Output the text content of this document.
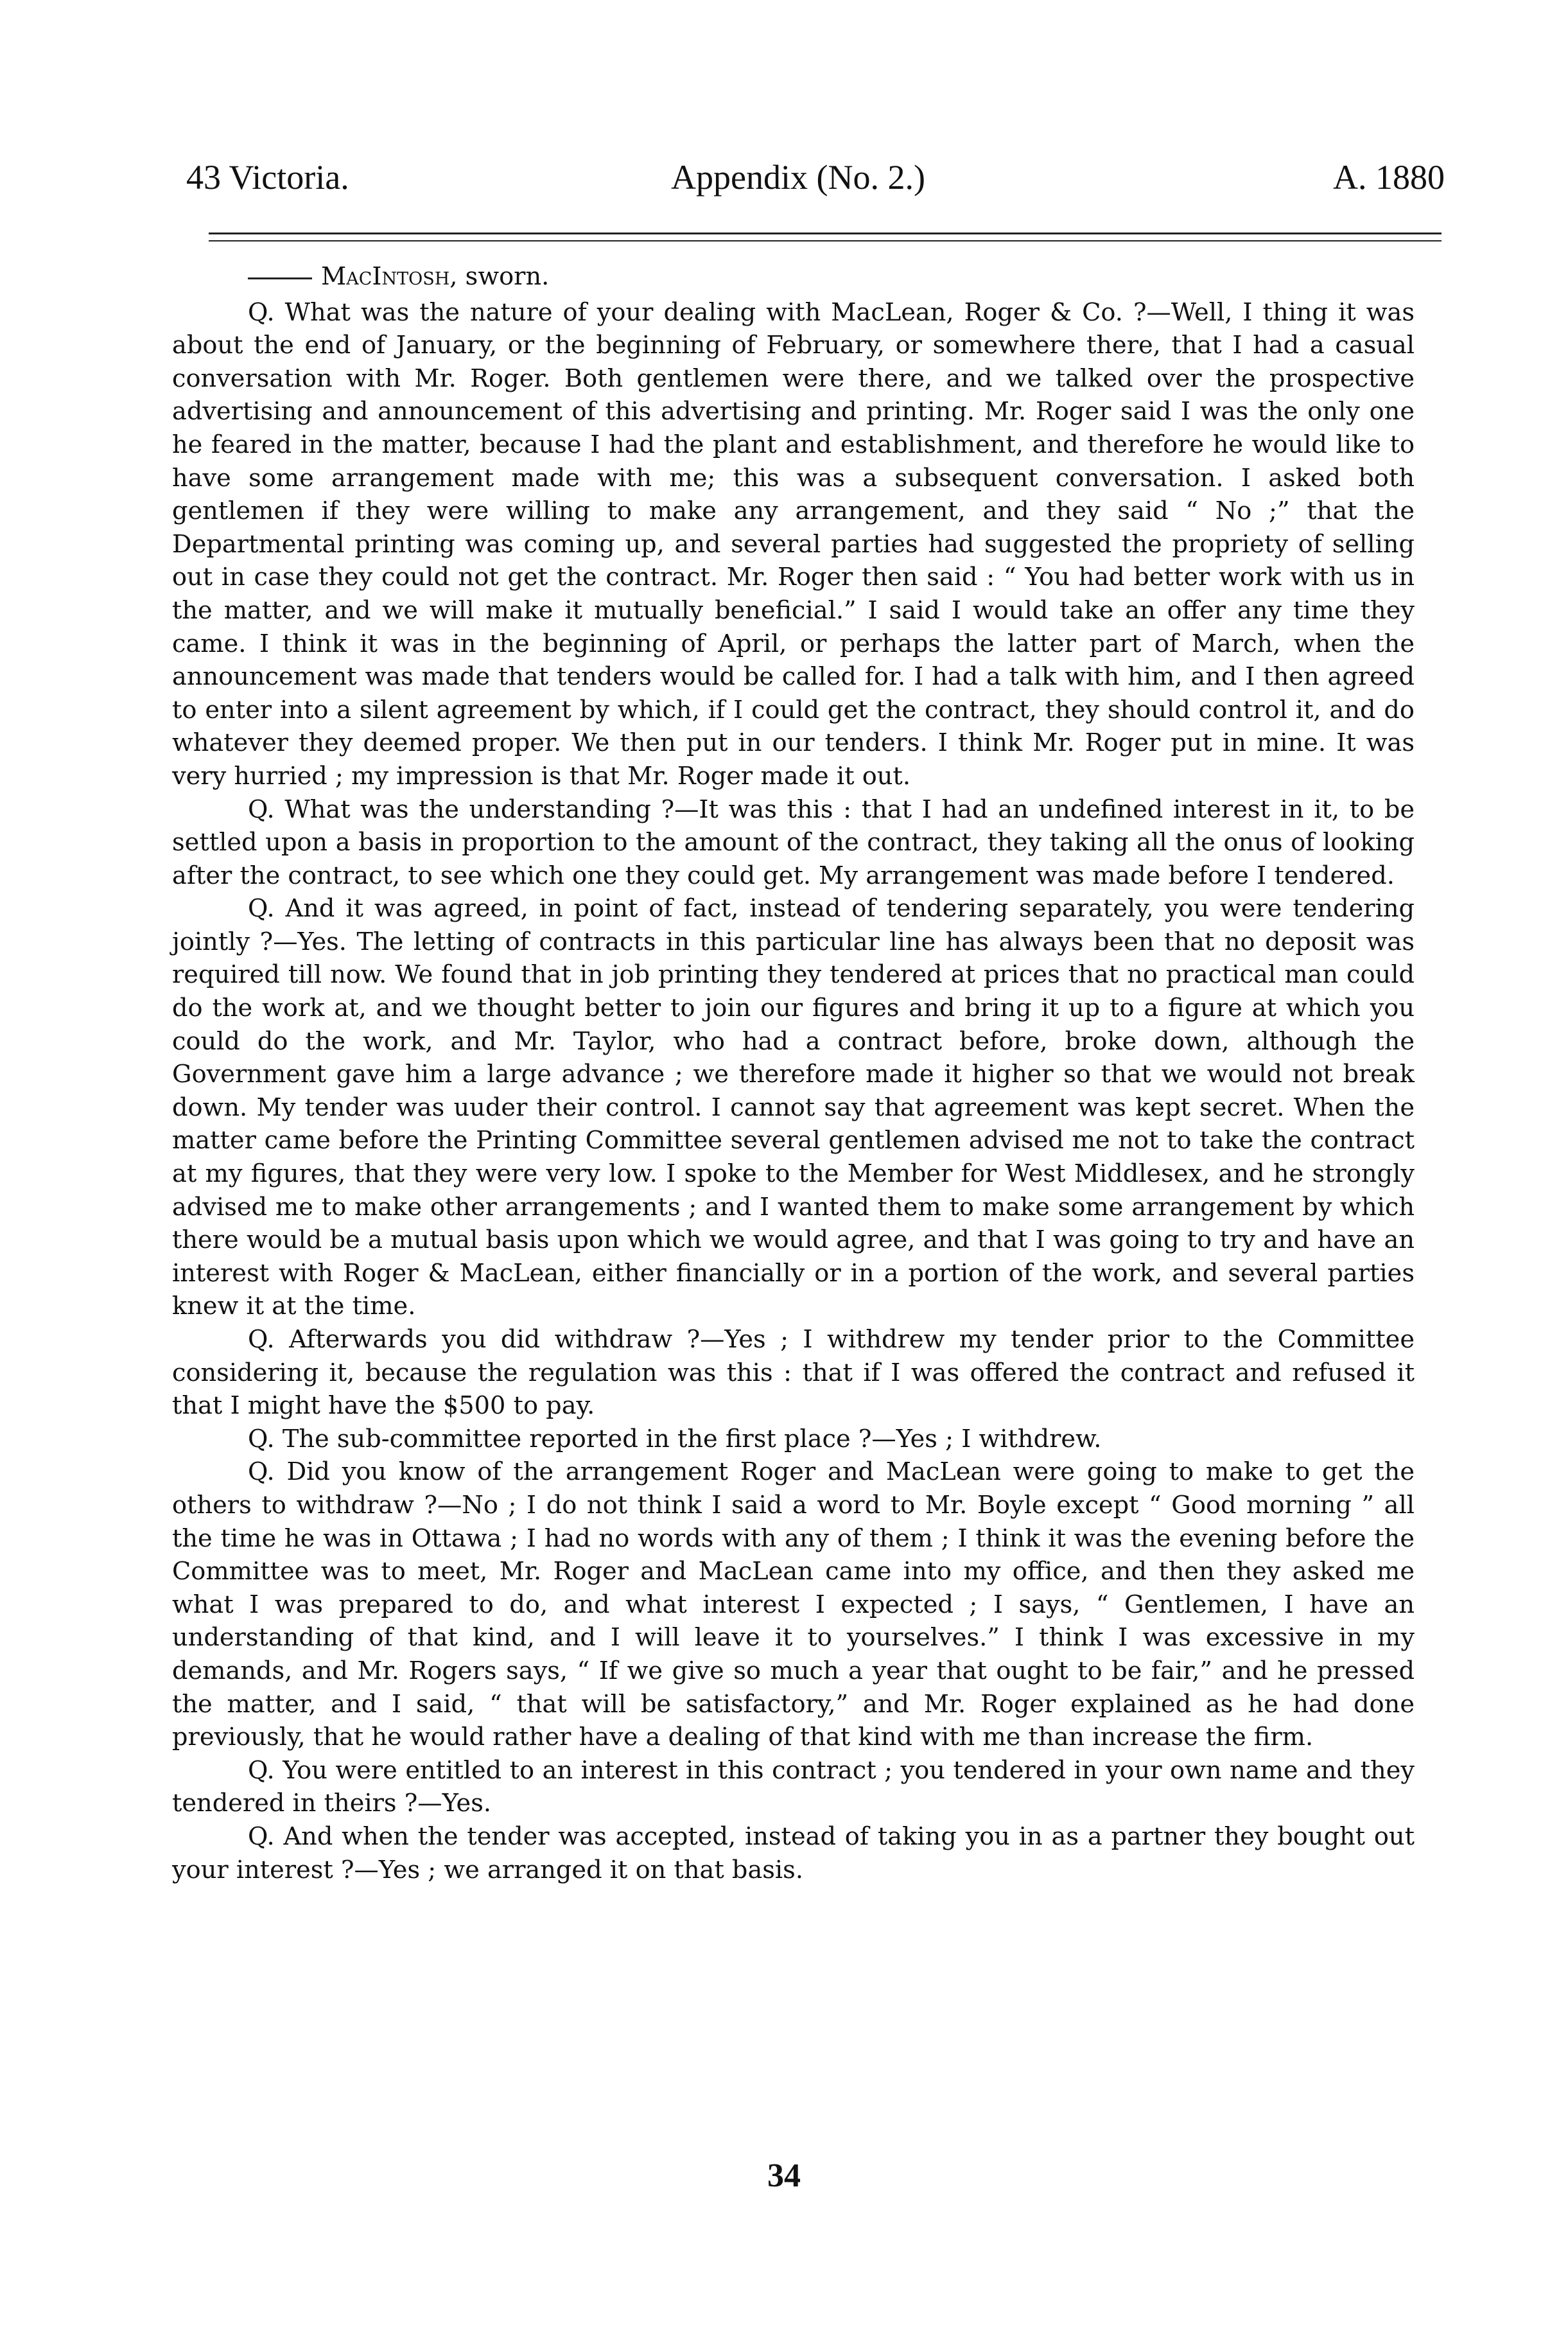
43 Victoria.	Appendix (No. 2.)	A. 1880
MacIntosh, sworn.

Q. What was the nature of your dealing with MacLean, Roger & Co. ?—Well, I thing it was about the end of January, or the beginning of February, or somewhere there, that I had a casual conversation with Mr. Roger. Both gentlemen were there, and we talked over the prospective advertising and announcement of this advertising and printing. Mr. Roger said I was the only one he feared in the matter, because I had the plant and establishment, and therefore he would like to have some arrangement made with me; this was a subsequent conversation. I asked both gentlemen if they were willing to make any arrangement, and they said “ No ;” that the Departmental printing was coming up, and several parties had suggested the propriety of selling out in case they could not get the contract. Mr. Roger then said : “ You had better work with us in the matter, and we will make it mutually beneficial.” I said I would take an offer any time they came. I think it was in the beginning of April, or perhaps the latter part of March, when the announcement was made that tenders would be called for. I had a talk with him, and I then agreed to enter into a silent agreement by which, if I could get the contract, they should control it, and do whatever they deemed proper. We then put in our tenders. I think Mr. Roger put in mine. It was very hurried ; my impression is that Mr. Roger made it out.

Q. What was the understanding ?—It was this : that I had an undefined interest in it, to be settled upon a basis in proportion to the amount of the contract, they taking all the onus of looking after the contract, to see which one they could get. My arrangement was made before I tendered.

Q. And it was agreed, in point of fact, instead of tendering separately, you were tendering jointly ?—Yes. The letting of contracts in this particular line has always been that no deposit was required till now. We found that in job printing they tendered at prices that no practical man could do the work at, and we thought better to join our figures and bring it up to a figure at which you could do the work, and Mr. Taylor, who had a contract before, broke down, although the Government gave him a large advance ; we therefore made it higher so that we would not break down. My tender was uuder their control. I cannot say that agreement was kept secret. When the matter came before the Printing Committee several gentlemen advised me not to take the contract at my figures, that they were very low. I spoke to the Member for West Middlesex, and he strongly advised me to make other arrangements ; and I wanted them to make some arrangement by which there would be a mutual basis upon which we would agree, and that I was going to try and have an interest with Roger & MacLean, either financially or in a portion of the work, and several parties knew it at the time.

Q. Afterwards you did withdraw ?—Yes ; I withdrew my tender prior to the Committee considering it, because the regulation was this : that if I was offered the contract and refused it that I might have the $500 to pay.

Q. The sub-committee reported in the first place ?—Yes ; I withdrew.

Q. Did you know of the arrangement Roger and MacLean were going to make to get the others to withdraw ?—No ; I do not think I said a word to Mr. Boyle except “ Good morning ” all the time he was in Ottawa ; I had no words with any of them ; I think it was the evening before the Committee was to meet, Mr. Roger and MacLean came into my office, and then they asked me what I was prepared to do, and what interest I expected ; I says, “ Gentlemen, I have an understanding of that kind, and I will leave it to yourselves.” I think I was excessive in my demands, and Mr. Rogers says, “ If we give so much a year that ought to be fair,” and he pressed the matter, and I said, “ that will be satisfactory,” and Mr. Roger explained as he had done previously, that he would rather have a dealing of that kind with me than increase the firm.

Q. You were entitled to an interest in this contract ; you tendered in your own name and they tendered in theirs ?—Yes.

Q. And when the tender was accepted, instead of taking you in as a partner they bought out your interest ?—Yes ; we arranged it on that basis.

34
